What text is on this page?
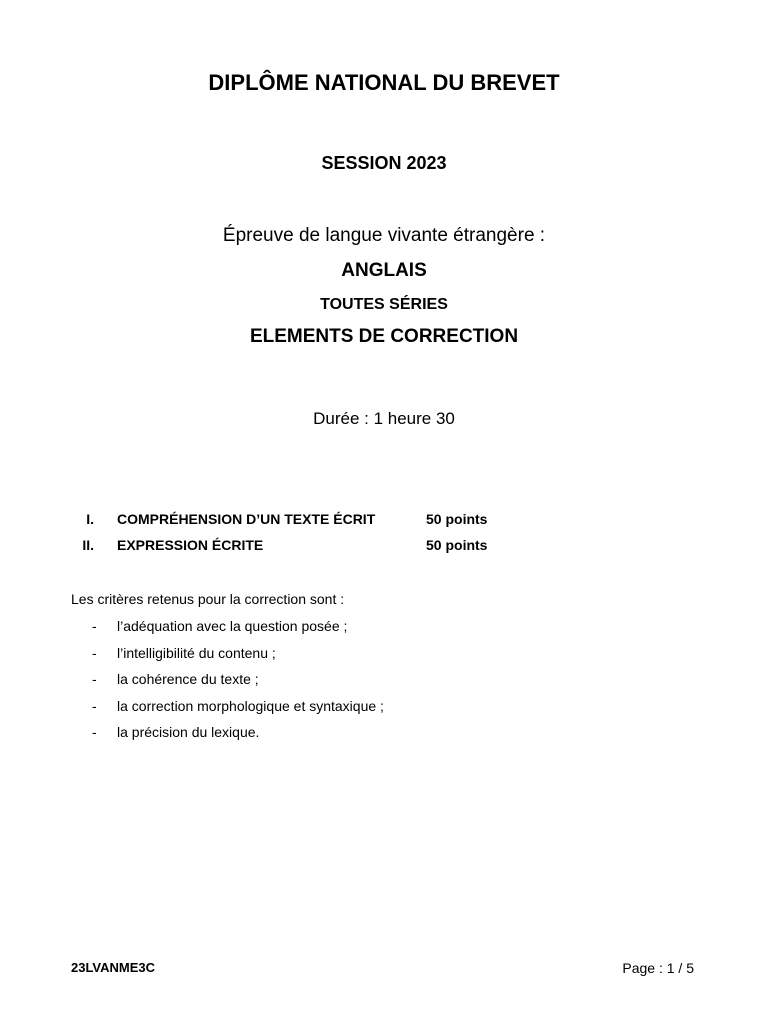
DIPLÔME NATIONAL DU BREVET
SESSION 2023
Épreuve de langue vivante étrangère :
ANGLAIS
TOUTES SÉRIES
ELEMENTS DE CORRECTION
Durée : 1 heure 30
I. COMPRÉHENSION D’UN TEXTE ÉCRIT	50 points
II. EXPRESSION ÉCRITE	50 points
Les critères retenus pour la correction sont :
- l’adéquation avec la question posée ;
- l’intelligibilité du contenu ;
- la cohérence du texte ;
- la correction morphologique et syntaxique ;
- la précision du lexique.
23LVANME3C	Page : 1 / 5
